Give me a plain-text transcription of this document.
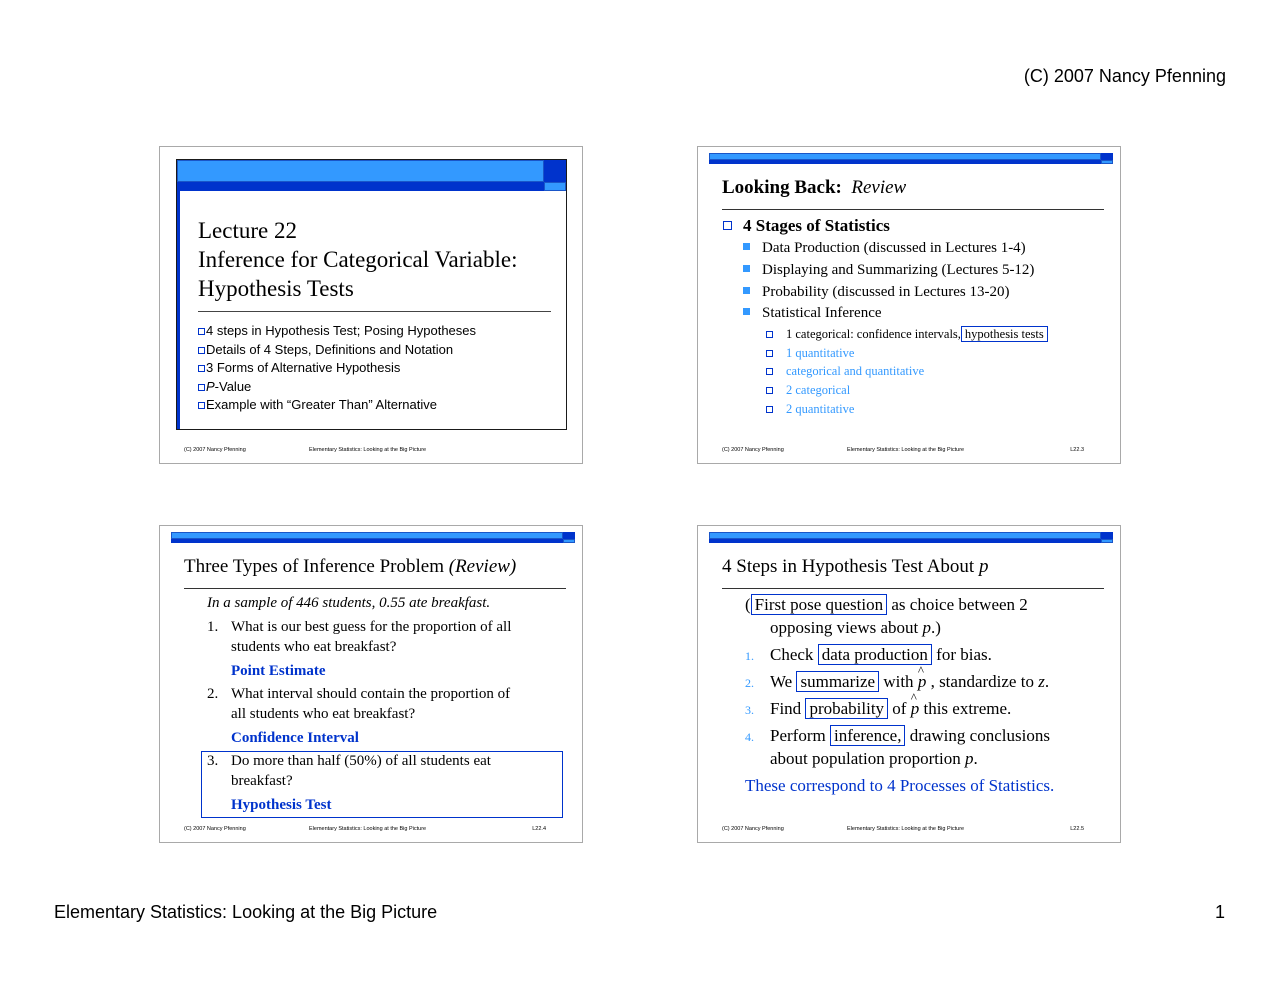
(C) 2007 Nancy Pfenning
Lecture 22
Inference for Categorical Variable:
Hypothesis Tests
4 steps in Hypothesis Test; Posing Hypotheses
Details of 4 Steps, Definitions and Notation
3 Forms of Alternative Hypothesis
P-Value
Example with “Greater Than” Alternative
(C) 2007 Nancy Pfenning	Elementary Statistics: Looking at the Big Picture
Looking Back: Review
4 Stages of Statistics
Data Production (discussed in Lectures 1-4)
Displaying and Summarizing (Lectures 5-12)
Probability (discussed in Lectures 13-20)
Statistical Inference
1 categorical: confidence intervals, hypothesis tests
1 quantitative
categorical and quantitative
2 categorical
2 quantitative
(C) 2007 Nancy Pfenning	Elementary Statistics: Looking at the Big Picture	L22.3
Three Types of Inference Problem (Review)
In a sample of 446 students, 0.55 ate breakfast.
1. What is our best guess for the proportion of all
students who eat breakfast?
Point Estimate
2. What interval should contain the proportion of
all students who eat breakfast?
Confidence Interval
3. Do more than half (50%) of all students eat
breakfast?
Hypothesis Test
(C) 2007 Nancy Pfenning	Elementary Statistics: Looking at the Big Picture	L22.4
4 Steps in Hypothesis Test About p
( First pose question as choice between 2
opposing views about p.)
1. Check data production for bias.
2. We summarize with ^ p , standardize to z.
3. Find probability of ^ p this extreme.
4. Perform inference, drawing conclusions
about population proportion p.
These correspond to 4 Processes of Statistics.
(C) 2007 Nancy Pfenning	Elementary Statistics: Looking at the Big Picture	L22.5
Elementary Statistics: Looking at the Big Picture	1
